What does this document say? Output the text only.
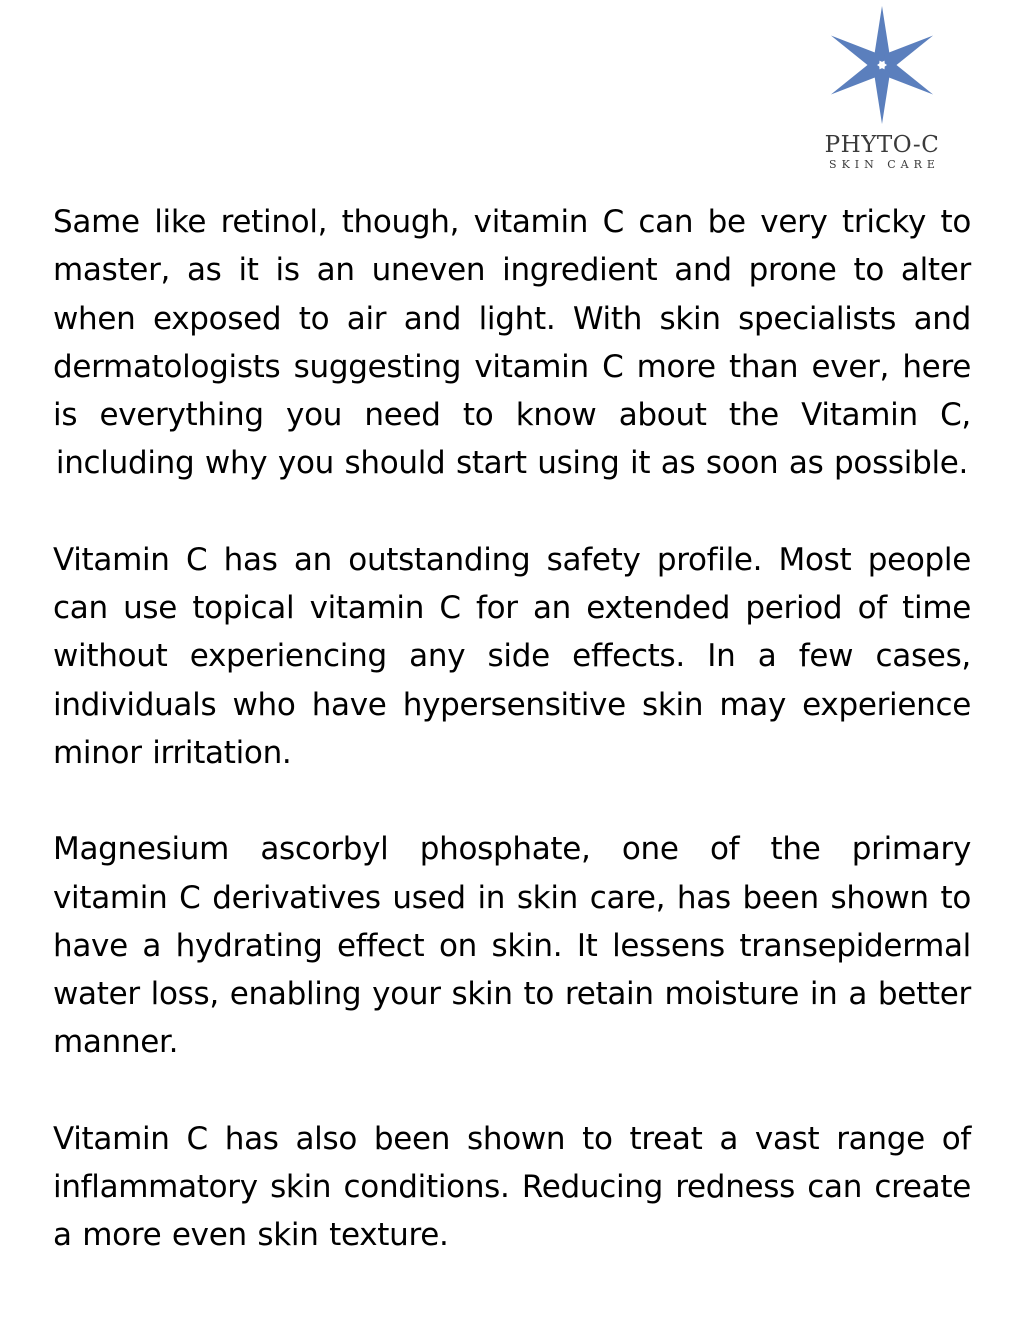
PHYTO-C
SKIN CARE

Same like retinol, though, vitamin C can be very tricky to master, as it is an uneven ingredient and prone to alter when exposed to air and light. With skin specialists and dermatologists suggesting vitamin C more than ever, here is everything you need to know about the Vitamin C, including why you should start using it as soon as possible.

Vitamin C has an outstanding safety profile. Most people can use topical vitamin C for an extended period of time without experiencing any side effects. In a few cases, individuals who have hypersensitive skin may experience minor irritation.

Magnesium ascorbyl phosphate, one of the primary vitamin C derivatives used in skin care, has been shown to have a hydrating effect on skin. It lessens transepidermal water loss, enabling your skin to retain moisture in a better manner.

Vitamin C has also been shown to treat a vast range of inflammatory skin conditions. Reducing redness can create a more even skin texture.
